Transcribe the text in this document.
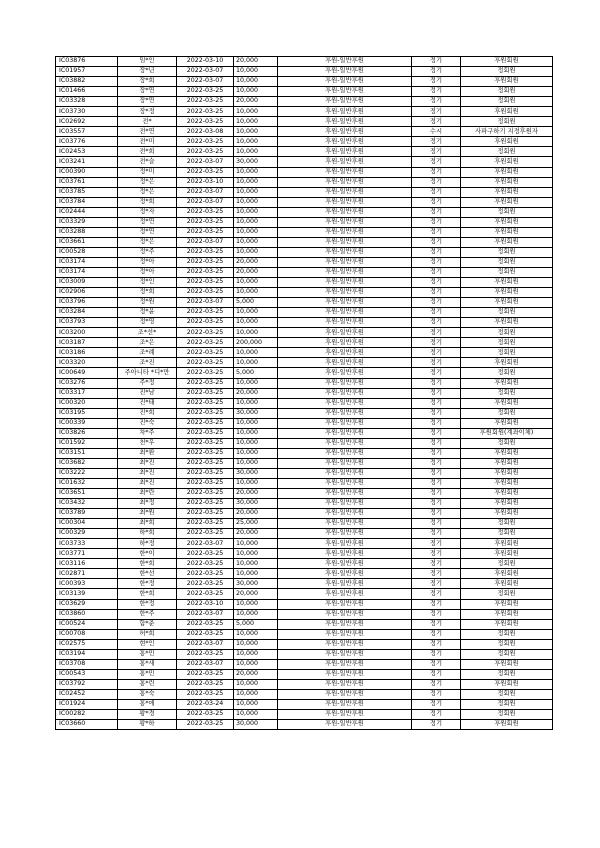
IC03876	임*인	2022-03-10	20,000	후원-일반후원	정기	후원회원
IC01957	장*년	2022-03-07	10,000	후원-일반후원	정기	정회원
IC03882	장*희	2022-03-07	10,000	후원-일반후원	정기	후원회원
IC01466	장*연	2022-03-25	10,000	후원-일반후원	정기	정회원
IC03328	장*연	2022-03-25	20,000	후원-일반후원	정기	정회원
IC03730	장*정	2022-03-25	10,000	후원-일반후원	정기	후원회원
IC02692	전*	2022-03-25	10,000	후원-일반후원	정기	정회원
IC03557	전*연	2022-03-08	10,000	후원-일반후원	수시	사파구하기 지정후원자
IC03776	전*미	2022-03-25	10,000	후원-일반후원	정기	후원회원
IC02453	전*희	2022-03-25	10,000	후원-일반후원	정기	정회원
IC03241	전*슬	2022-03-07	30,000	후원-일반후원	정기	후원회원
IC00390	정*미	2022-03-25	10,000	후원-일반후원	정기	후원회원
IC03761	정*은	2022-03-10	10,000	후원-일반후원	정기	후원회원
IC03785	정*은	2022-03-07	10,000	후원-일반후원	정기	후원회원
IC03784	정*희	2022-03-07	10,000	후원-일반후원	정기	후원회원
IC02444	정*자	2022-03-25	10,000	후원-일반후원	정기	정회원
IC03329	정*연	2022-03-25	10,000	후원-일반후원	정기	후원회원
IC03288	정*연	2022-03-25	10,000	후원-일반후원	정기	후원회원
IC03661	정*은	2022-03-07	10,000	후원-일반후원	정기	후원회원
IC00528	정*주	2022-03-25	10,000	후원-일반후원	정기	정회원
IC03174	정*아	2022-03-25	20,000	후원-일반후원	정기	정회원
IC03174	정*아	2022-03-25	20,000	후원-일반후원	정기	정회원
IC03009	정*인	2022-03-25	10,000	후원-일반후원	정기	후원회원
IC02906	정*희	2022-03-25	10,000	후원-일반후원	정기	후원회원
IC03796	정*원	2022-03-07	5,000	후원-일반후원	정기	후원회원
IC03284	정*윤	2022-03-25	10,000	후원-일반후원	정기	정회원
IC03793	정*영	2022-03-25	10,000	후원-일반후원	정기	후원회원
IC03200	조*선*	2022-03-25	10,000	후원-일반후원	정기	정회원
IC03187	조*은	2022-03-25	200,000	후원-일반후원	정기	정회원
IC03186	조*례	2022-03-25	10,000	후원-일반후원	정기	정회원
IC03320	조*진	2022-03-25	10,000	후원-일반후원	정기	후원회원
IC00649	주아니타 *디*만	2022-03-25	5,000	후원-일반후원	정기	정회원
IC03276	주*정	2022-03-25	10,000	후원-일반후원	정기	후원회원
IC03317	진*남	2022-03-25	20,000	후원-일반후원	정기	정회원
IC00320	진*태	2022-03-25	10,000	후원-일반후원	정기	후원회원
IC03195	진*희	2022-03-25	30,000	후원-일반후원	정기	정회원
IC00339	진*숙	2022-03-25	10,000	후원-일반후원	정기	후원회원
IC03826	차*주	2022-03-25	10,000	후원-일반후원	정기	후원회원(계좌이체)
IC01592	천*우	2022-03-25	10,000	후원-일반후원	정기	정회원
IC03151	최*환	2022-03-25	10,000	후원-일반후원	정기	후원회원
IC03682	최*진	2022-03-25	10,000	후원-일반후원	정기	후원회원
IC03222	최*진	2022-03-25	30,000	후원-일반후원	정기	후원회원
IC01632	최*진	2022-03-25	10,000	후원-일반후원	정기	후원회원
IC03651	최*란	2022-03-25	20,000	후원-일반후원	정기	후원회원
IC03432	최*정	2022-03-25	30,000	후원-일반후원	정기	후원회원
IC03789	최*원	2022-03-25	20,000	후원-일반후원	정기	후원회원
IC00304	최*희	2022-03-25	25,000	후원-일반후원	정기	정회원
IC00329	하*희	2022-03-25	20,000	후원-일반후원	정기	정회원
IC03733	하*정	2022-03-07	10,000	후원-일반후원	정기	후원회원
IC03771	한*이	2022-03-25	10,000	후원-일반후원	정기	후원회원
IC03116	한*희	2022-03-25	10,000	후원-일반후원	정기	정회원
IC02871	한*선	2022-03-25	10,000	후원-일반후원	정기	후원회원
IC00393	한*정	2022-03-25	30,000	후원-일반후원	정기	후원회원
IC03139	한*희	2022-03-25	20,000	후원-일반후원	정기	정회원
IC03629	한*정	2022-03-10	10,000	후원-일반후원	정기	후원회원
IC03860	한*주	2022-03-07	10,000	후원-일반후원	정기	후원회원
IC00524	함*춘	2022-03-25	5,000	후원-일반후원	정기	후원회원
IC00708	허*희	2022-03-25	10,000	후원-일반후원	정기	정회원
IC02575	현*인	2022-03-07	10,000	후원-일반후원	정기	정회원
IC03194	홍*민	2022-03-25	10,000	후원-일반후원	정기	정회원
IC03708	홍*새	2022-03-07	10,000	후원-일반후원	정기	후원회원
IC00543	홍*민	2022-03-25	20,000	후원-일반후원	정기	정회원
IC03792	홍*린	2022-03-25	10,000	후원-일반후원	정기	후원회원
IC02452	홍*숙	2022-03-25	10,000	후원-일반후원	정기	정회원
IC01924	홍*애	2022-03-24	10,000	후원-일반후원	정기	정회원
IC00282	황*경	2022-03-25	10,000	후원-일반후원	정기	정회원
IC03660	황*하	2022-03-25	30,000	후원-일반후원	정기	후원회원
